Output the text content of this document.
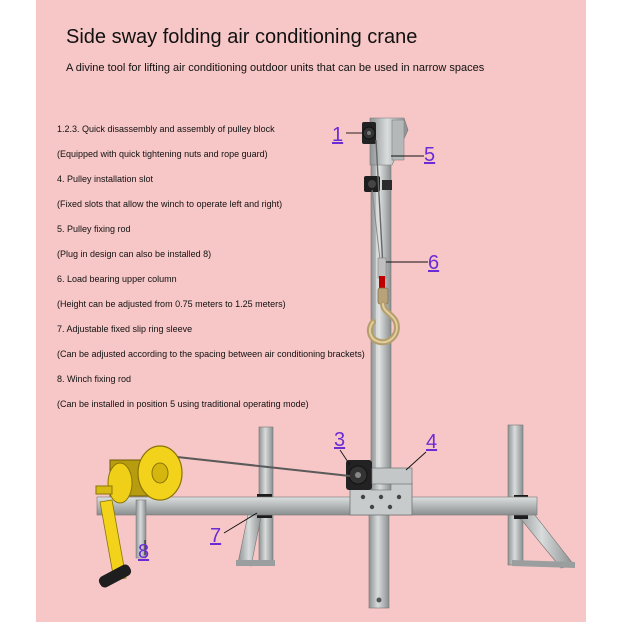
Side sway folding air conditioning crane

A divine tool for lifting air conditioning outdoor units that can be used in narrow spaces

1.2.3. Quick disassembly and assembly of pulley block
(Equipped with quick tightening nuts and rope guard)
4. Pulley installation slot
(Fixed slots that allow the winch to operate left and right)
5. Pulley fixing rod
(Plug in design can also be installed 8)
6. Load bearing upper column
(Height can be adjusted from 0.75 meters to 1.25 meters)
7. Adjustable fixed slip ring sleeve
(Can be adjusted according to the spacing between air conditioning brackets)
8. Winch fixing rod
(Can be installed in position 5 using traditional operating mode)
1
5
6
3	4
7
8
